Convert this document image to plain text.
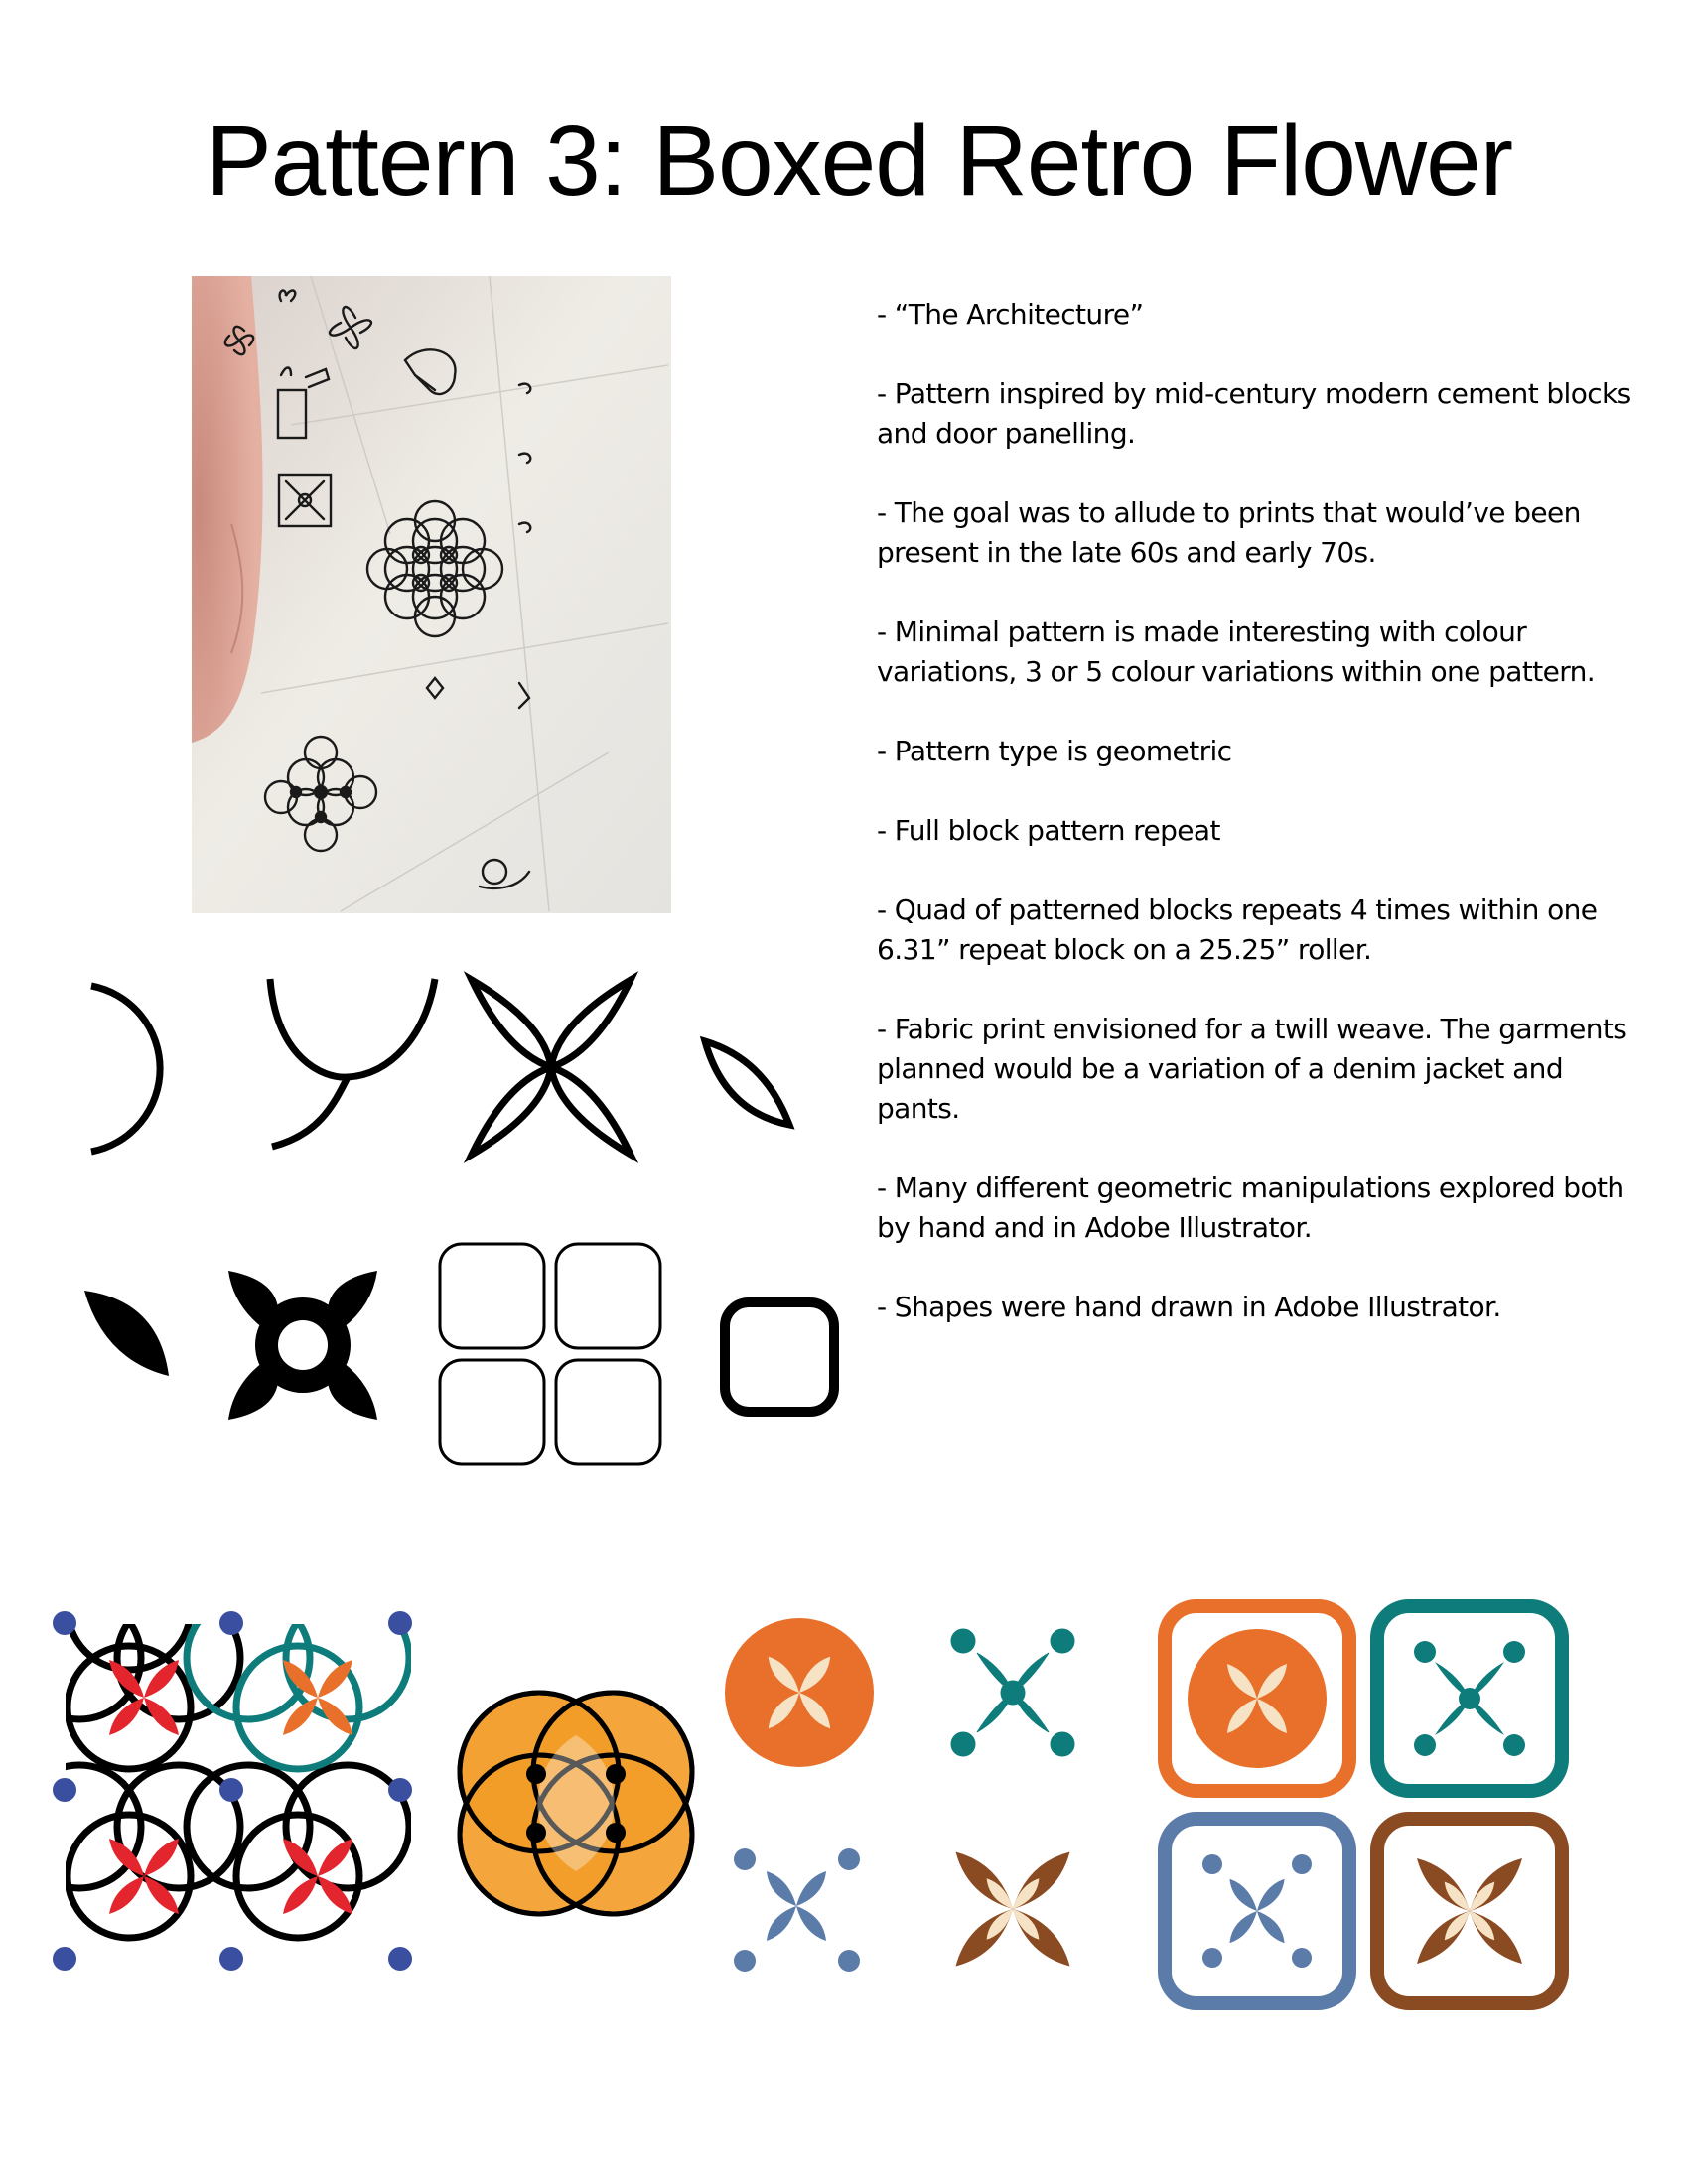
Pattern 3: Boxed Retro Flower

- “The Architecture”

- Pattern inspired by mid-century modern cement blocks and door panelling.

- The goal was to allude to prints that would’ve been present in the late 60s and early 70s.

- Minimal pattern is made interesting with colour variations, 3 or 5 colour variations within one pattern.

- Pattern type is geometric

- Full block pattern repeat

- Quad of patterned blocks repeats 4 times within one 6.31” repeat block on a 25.25” roller.

- Fabric print envisioned for a twill weave. The garments planned would be a variation of a denim jacket and pants.

- Many different geometric manipulations explored both by hand and in Adobe Illustrator.

- Shapes were hand drawn in Adobe Illustrator.
